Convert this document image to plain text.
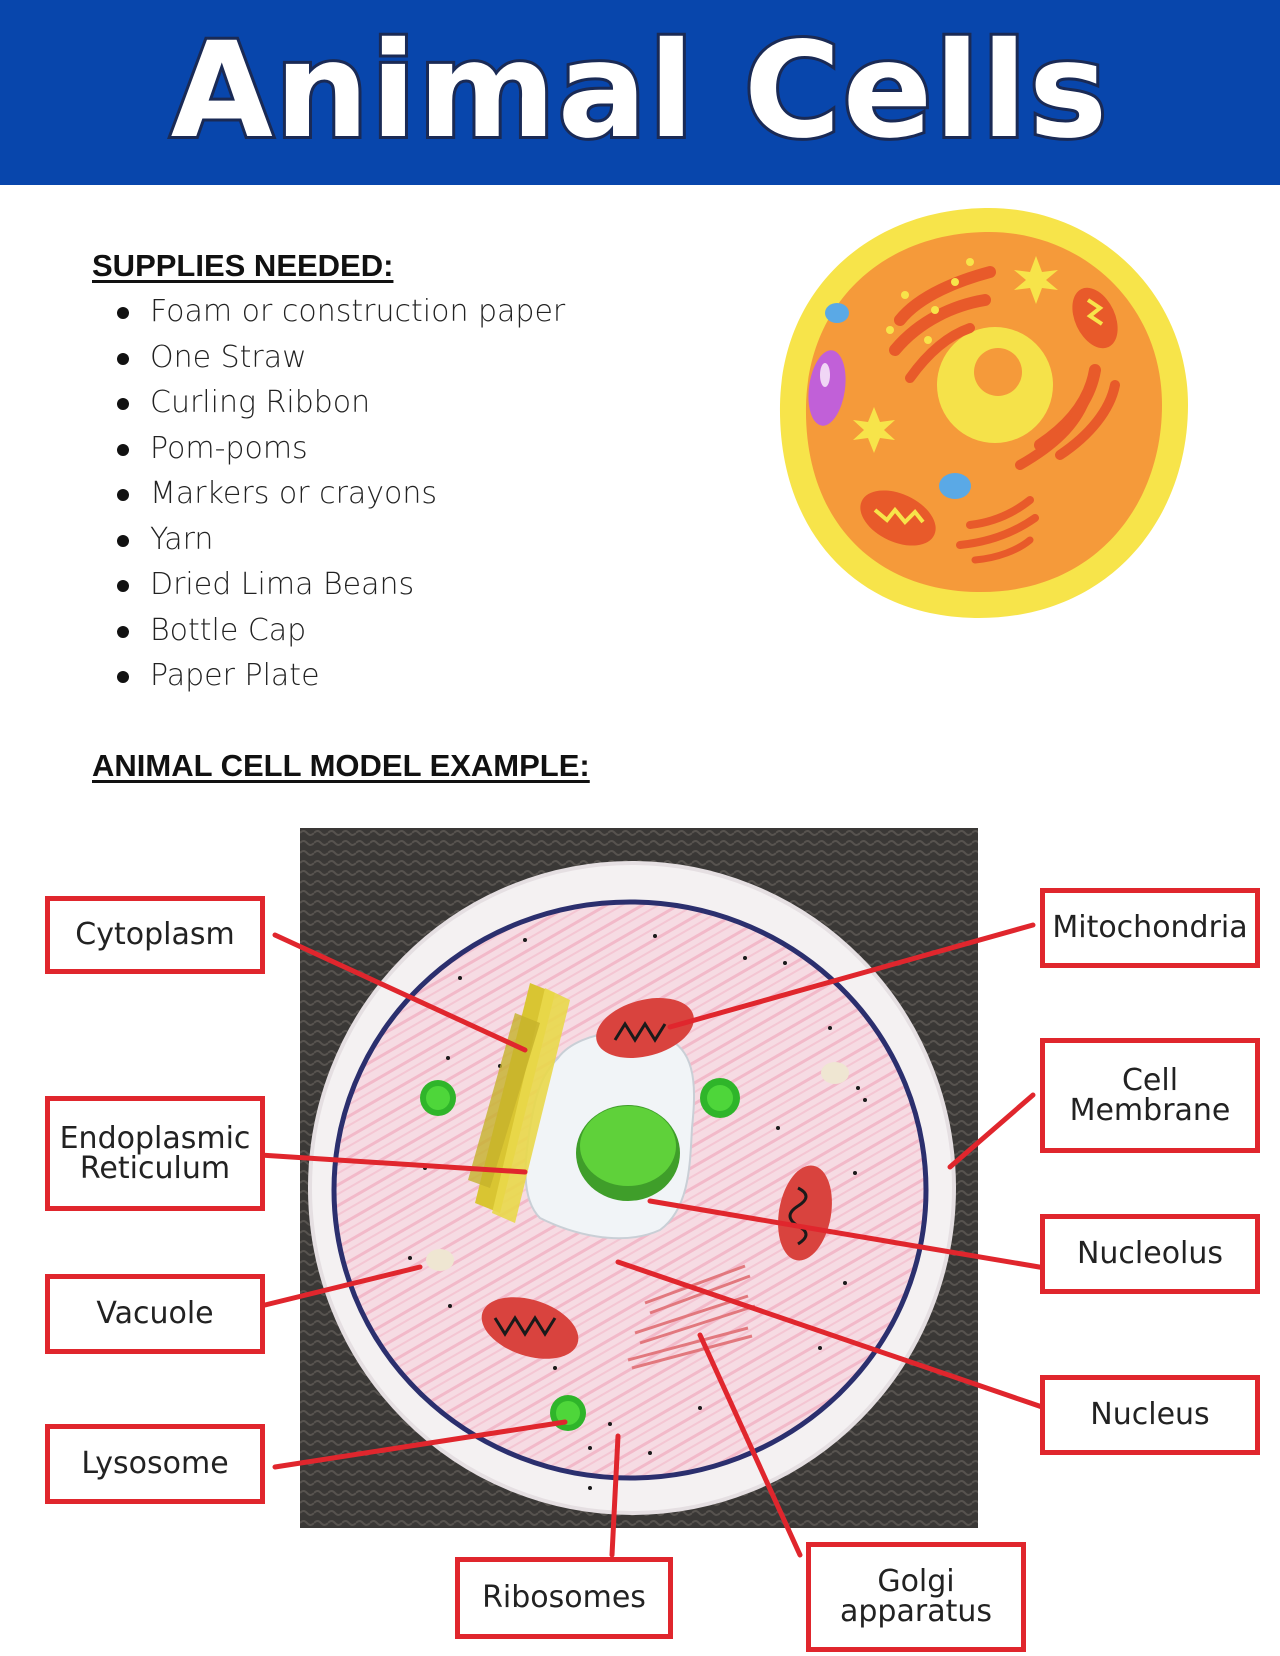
Animal Cells
SUPPLIES NEEDED:
Foam or construction paper
One Straw
Curling Ribbon
Pom-poms
Markers or crayons
Yarn
Dried Lima Beans
Bottle Cap
Paper Plate
ANIMAL CELL MODEL EXAMPLE:
Cytoplasm
Endoplasmic
Reticulum
Vacuole
Lysosome
Ribosomes	Golgi
apparatus
Mitochondria
Cell
Membrane
Nucleolus
Nucleus
